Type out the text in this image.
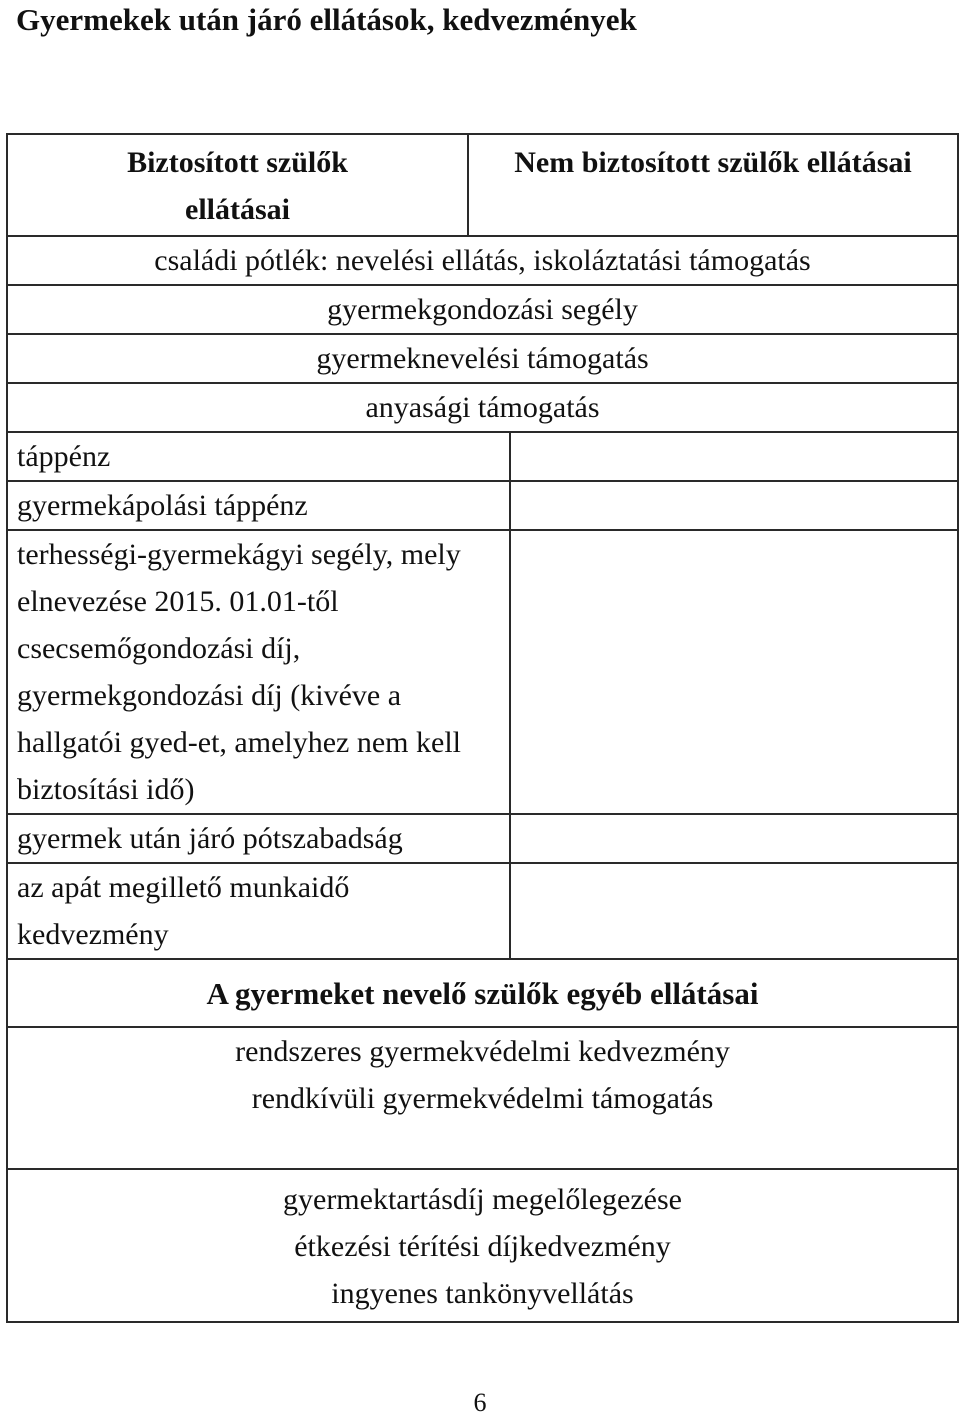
Gyermekek után járó ellátások, kedvezmények
Biztosított szülők ellátásai	Nem biztosított szülők ellátásai	
családi pótlék: nevelési ellátás, iskoláztatási támogatás		
gyermekgondozási segély		
gyermeknevelési támogatás		
anyasági támogatás		
táppénz		
gyermekápolási táppénz		
terhességi-gyermekágyi segély, mely elnevezése 2015. 01.01-től csecsemőgondozási díj, gyermekgondozási díj (kivéve a hallgatói gyed-et, amelyhez nem kell biztosítási idő)		
gyermek után járó pótszabadság		
az apát megillető munkaidő kedvezmény		
A gyermeket nevelő szülők egyéb ellátásai		

rendszeres gyermekvédelmi kedvezmény
rendkívüli gyermekvédelmi támogatás		

gyermektartásdíj megelőlegezése
étkezési térítési díjkedvezmény
ingyenes tankönyvellátás		
6
